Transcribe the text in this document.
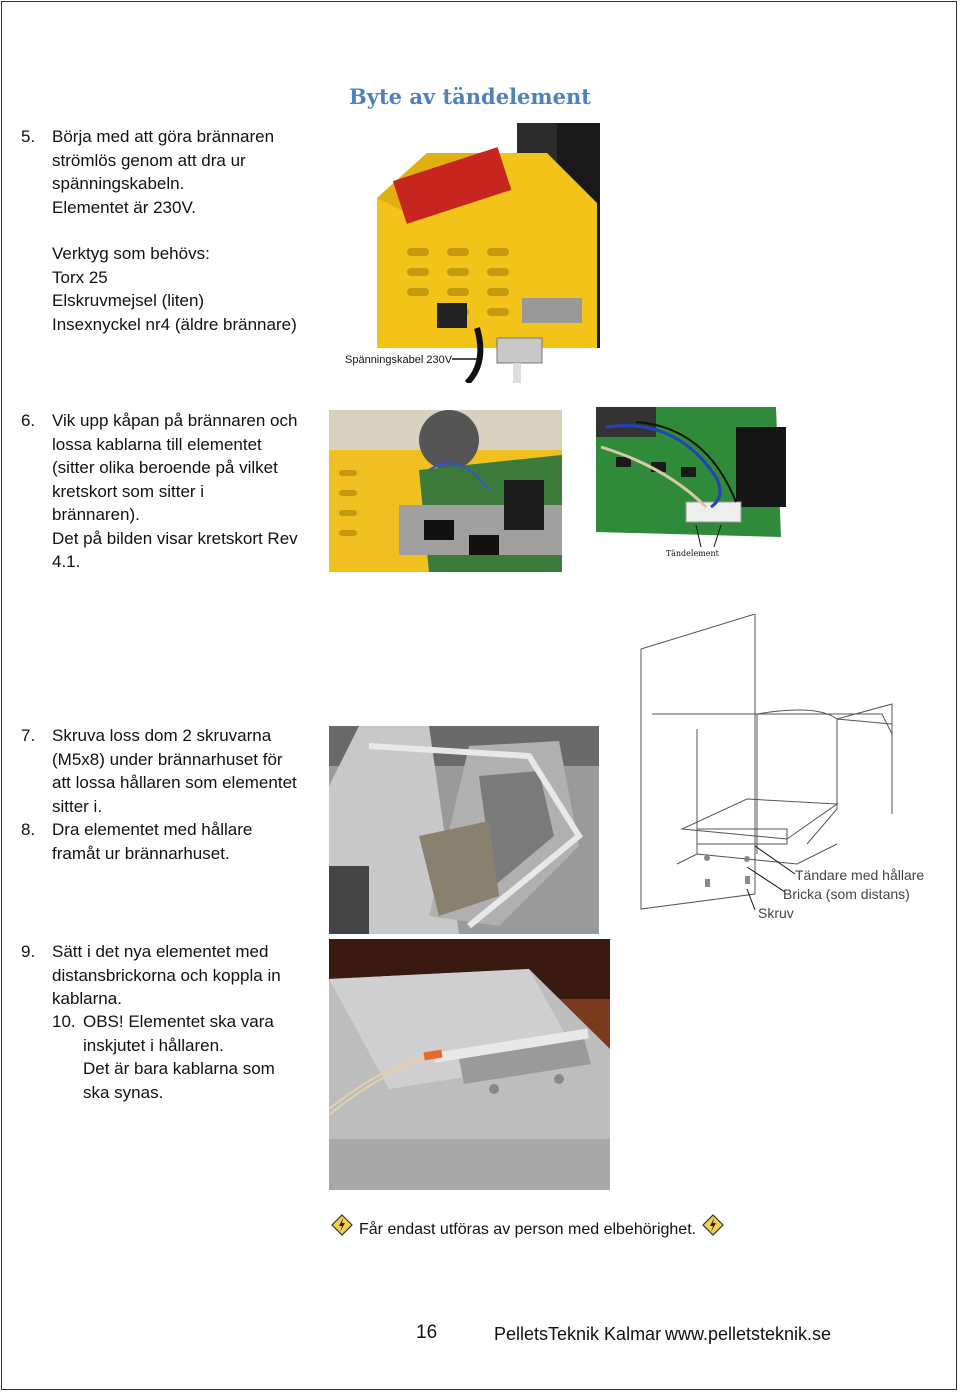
Byte av tändelement
5. Börja med att göra brännaren
strömlös genom att dra ur
spänningskabeln.
Elementet är 230V.
Verktyg som behövs:
Torx 25
Elskruvmejsel (liten)
Insexnyckel nr4 (äldre brännare)
Spänningskabel 230V
6. Vik upp kåpan på brännaren och
lossa kablarna till elementet
(sitter olika beroende på vilket
kretskort som sitter i
brännaren).
Det på bilden visar kretskort Rev
4.1.	Tändelement
7. Skruva loss dom 2 skruvarna
(M5x8) under brännarhuset för
att lossa hållaren som elementet
sitter i.
8. Dra elementet med hållare
framåt ur brännarhuset.
Tändare med hållare
Bricka (som distans)
Skruv
9. Sätt i det nya elementet med
distansbrickorna och koppla in
kablarna.
10. OBS! Elementet ska vara
inskjutet i hållaren.
Det är bara kablarna som
ska synas.
Får endast utföras av person med elbehörighet.
16	PelletsTeknik Kalmar www.pelletsteknik.se
